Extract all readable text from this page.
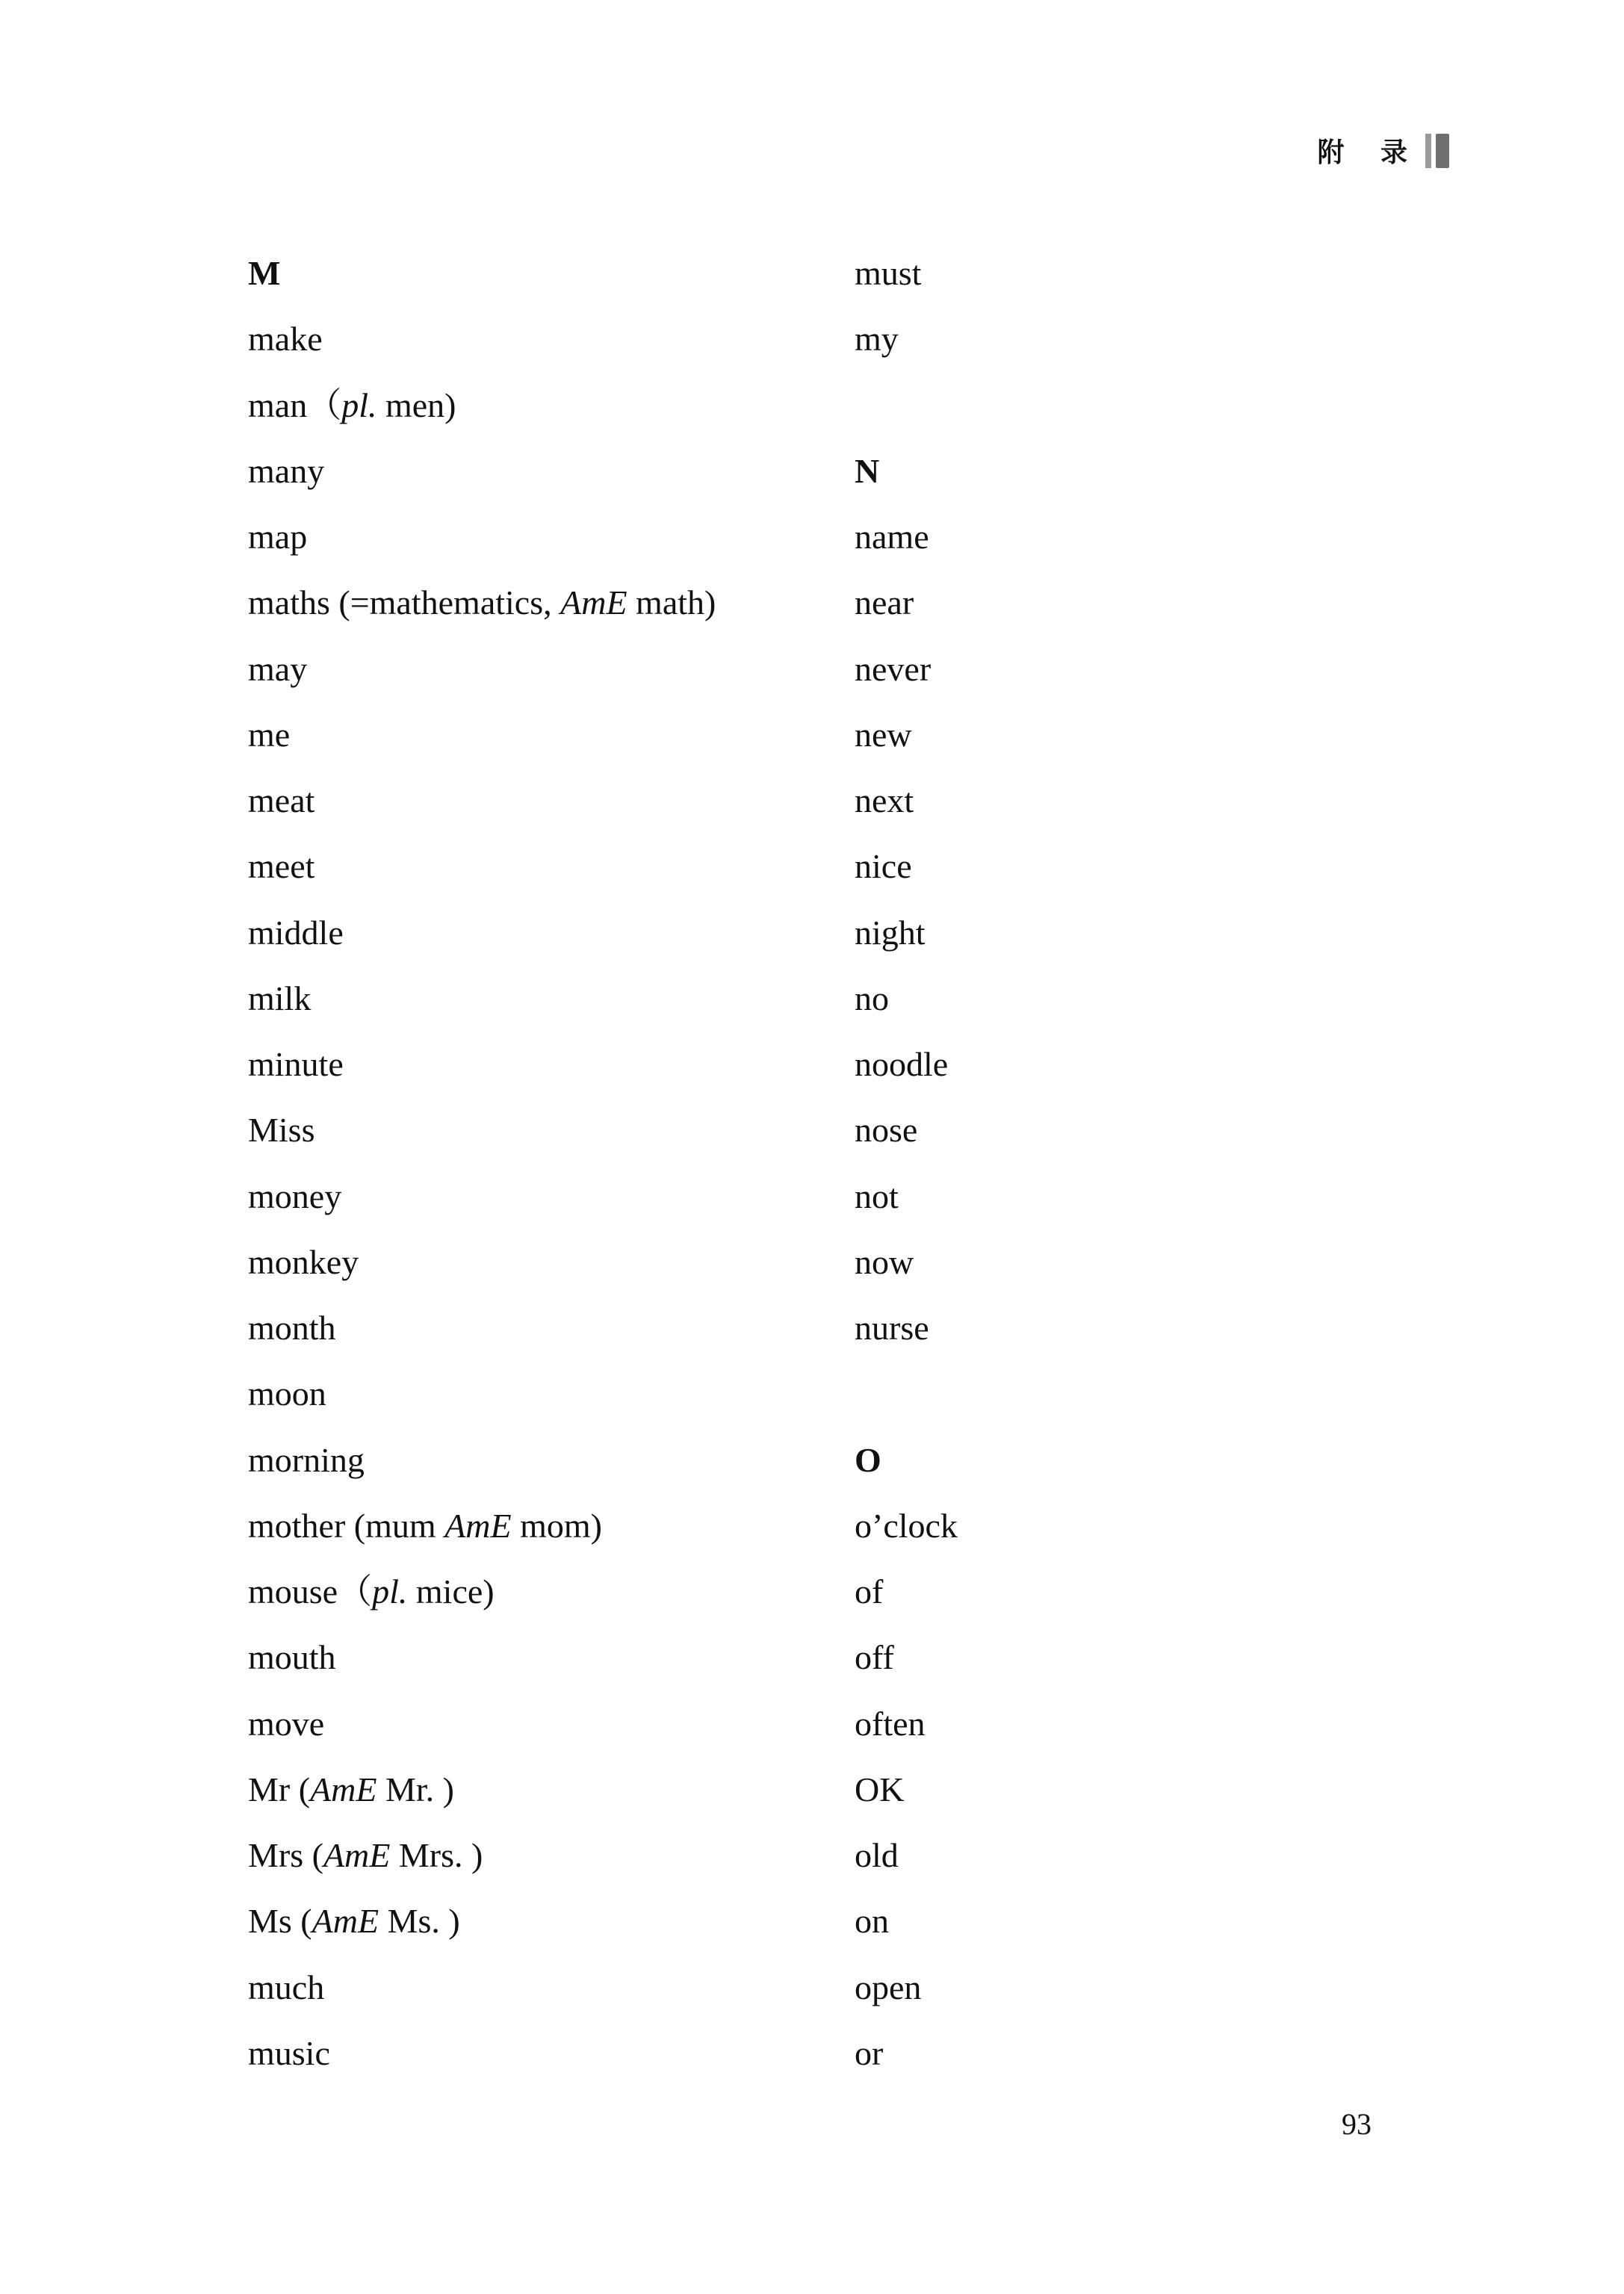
附 录
M
make
man（pl. men)
many
map
maths (=mathematics, AmE math)
may
me
meat
meet
middle
milk
minute
Miss
money
monkey
month
moon
morning
mother (mum AmE mom)
mouse（pl. mice)
mouth
move
Mr (AmE Mr. )
Mrs (AmE Mrs. )
Ms (AmE Ms. )
much
music
must
my
N
name
near
never
new
next
nice
night
no
noodle
nose
not
now
nurse
O
o’clock
of
off
often
OK
old
on
open
or
93
